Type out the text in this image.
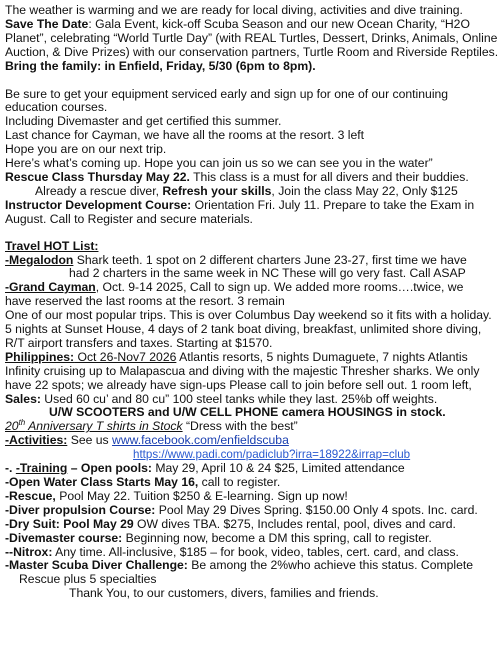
The weather is warming and we are ready for local diving, activities and dive training.

Save The Date: Gala Event, kick-off Scuba Season and our new Ocean Charity, “H2O Planet”, celebrating “World Turtle Day” (with REAL Turtles, Dessert, Drinks, Animals, Online Auction, & Dive Prizes) with our conservation partners, Turtle Room and Riverside Reptiles. Bring the family: in Enfield, Friday, 5/30 (6pm to 8pm).

Be sure to get your equipment serviced early and sign up for one of our continuing education courses.

Including Divemaster and get certified this summer.

Last chance for Cayman, we have all the rooms at the resort. 3 left

Hope you are on our next trip.

Here’s what’s coming up. Hope you can join us so we can see you in the water”

Rescue Class Thursday May 22. This class is a must for all divers and their buddies.

Already a rescue diver, Refresh your skills, Join the class May 22, Only $125

Instructor Development Course: Orientation Fri. July 11. Prepare to take the Exam in August. Call to Register and secure materials.

Travel HOT List:

-Megalodon Shark teeth. 1 spot on 2 different charters June 23-27, first time we have

had 2 charters in the same week in NC These will go very fast. Call ASAP

-Grand Cayman, Oct. 9-14 2025, Call to sign up. We added more rooms….twice, we

have reserved the last rooms at the resort. 3 remain

One of our most popular trips. This is over Columbus Day weekend so it fits with a holiday. 5 nights at Sunset House, 4 days of 2 tank boat diving, breakfast, unlimited shore diving, R/T airport transfers and taxes. Starting at $1570.

Philippines: Oct 26-Nov7 2026 Atlantis resorts, 5 nights Dumaguete, 7 nights Atlantis Infinity cruising up to Malapascua and diving with the majestic Thresher sharks. We only have 22 spots; we already have sign-ups Please call to join before sell out. 1 room left,

Sales: Used 60 cu’ and 80 cu” 100 steel tanks while they last. 25%b off weights.

U/W SCOOTERS and U/W CELL PHONE camera HOUSINGS in stock.

20th Anniversary T shirts in Stock “Dress with the best”

-Activities: See us www.facebook.com/enfieldscuba

https://www.padi.com/padiclub?irra=18922&irrap=club

-. -Training – Open pools: May 29, April 10 & 24 $25, Limited attendance

-Open Water Class Starts May 16, call to register.

-Rescue, Pool May 22. Tuition $250 & E-learning. Sign up now!

-Diver propulsion Course: Pool May 29 Dives Spring. $150.00 Only 4 spots. Inc. card.

-Dry Suit: Pool May 29 OW dives TBA. $275, Includes rental, pool, dives and card.

-Divemaster course: Beginning now, become a DM this spring, call to register.

--Nitrox: Any time. All-inclusive, $185 – for book, video, tables, cert. card, and class.

-Master Scuba Diver Challenge: Be among the 2%who achieve this status. Complete

Rescue plus 5 specialties

Thank You, to our customers, divers, families and friends.
